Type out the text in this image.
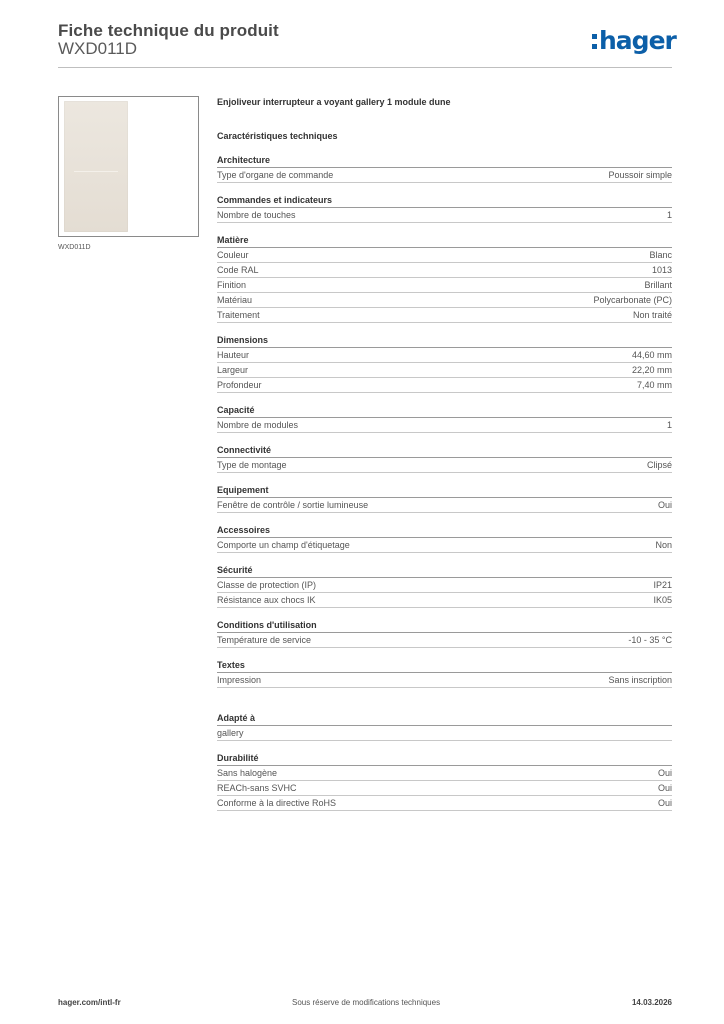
Fiche technique du produit
WXD011D	hager
WXD011D
Enjoliveur interrupteur a voyant gallery 1 module dune
Caractéristiques techniques
Architecture
Type d'organe de commande	Poussoir simple
Commandes et indicateurs
Nombre de touches	1
Matière
Couleur	Blanc
Code RAL	1013
Finition	Brillant
Matériau	Polycarbonate (PC)
Traitement	Non traité
Dimensions
Hauteur	44,60 mm
Largeur	22,20 mm
Profondeur	7,40 mm
Capacité
Nombre de modules	1
Connectivité
Type de montage	Clipsé
Equipement
Fenêtre de contrôle / sortie lumineuse	Oui
Accessoires
Comporte un champ d'étiquetage	Non
Sécurité
Classe de protection (IP)	IP21
Résistance aux chocs IK	IK05
Conditions d'utilisation
Température de service	-10 - 35 °C
Textes
Impression	Sans inscription
Adapté à
gallery
Durabilité
Sans halogène	Oui
REACh-sans SVHC	Oui
Conforme à la directive RoHS	Oui
hager.com/intl-fr	Sous réserve de modifications techniques	14.03.2026
